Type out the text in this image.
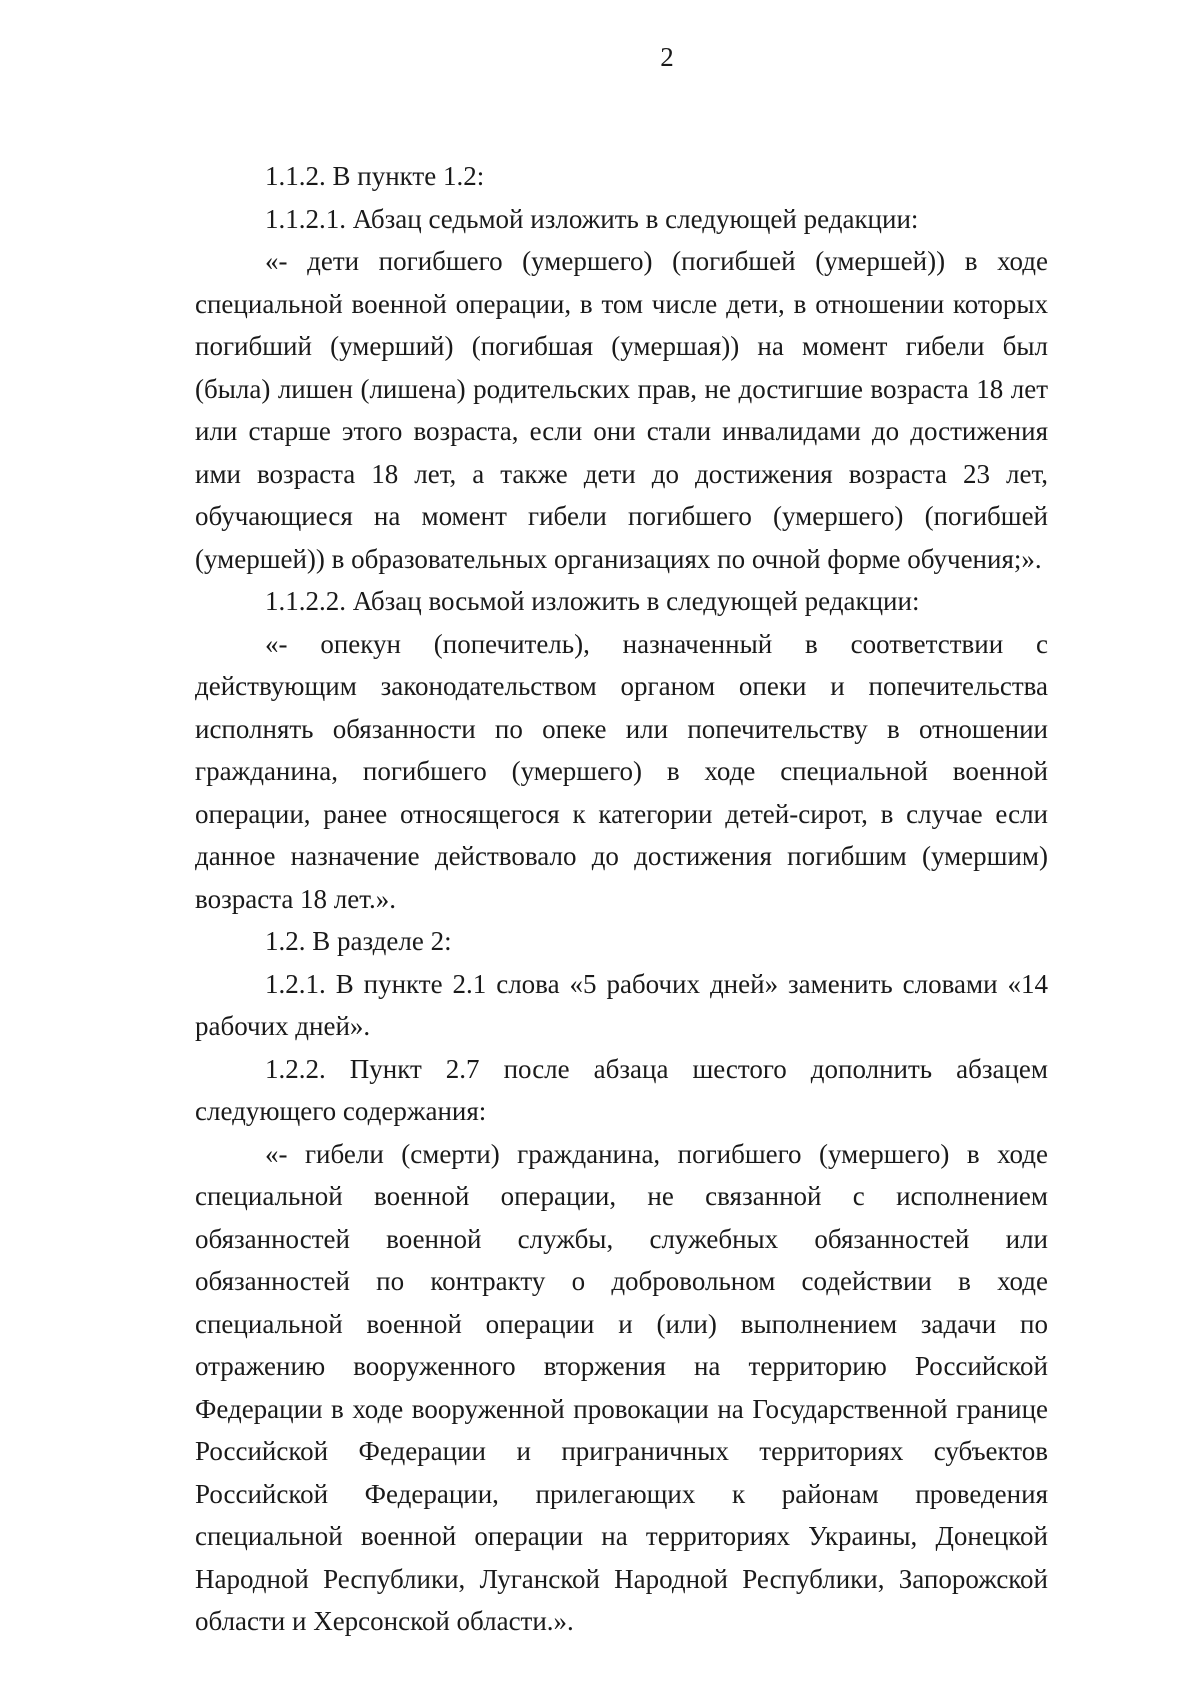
2

1.1.2. В пункте 1.2:

1.1.2.1. Абзац седьмой изложить в следующей редакции:

«- дети погибшего (умершего) (погибшей (умершей)) в ходе специальной военной операции, в том числе дети, в отношении которых погибший (умерший) (погибшая (умершая)) на момент гибели был (была) лишен (лишена) родительских прав, не достигшие возраста 18 лет или старше этого возраста, если они стали инвалидами до достижения ими возраста 18 лет, а также дети до достижения возраста 23 лет, обучающиеся на момент гибели погибшего (умершего) (погибшей (умершей)) в образовательных организациях по очной форме обучения;».

1.1.2.2. Абзац восьмой изложить в следующей редакции:

«- опекун (попечитель), назначенный в соответствии с действующим законодательством органом опеки и попечительства исполнять обязанности по опеке или попечительству в отношении гражданина, погибшего (умершего) в ходе специальной военной операции, ранее относящегося к категории детей-сирот, в случае если данное назначение действовало до достижения погибшим (умершим) возраста 18 лет.».

1.2. В разделе 2:

1.2.1. В пункте 2.1 слова «5 рабочих дней» заменить словами «14 рабочих дней».

1.2.2. Пункт 2.7 после абзаца шестого дополнить абзацем следующего содержания:

«- гибели (смерти) гражданина, погибшего (умершего) в ходе специальной военной операции, не связанной с исполнением обязанностей военной службы, служебных обязанностей или обязанностей по контракту о добровольном содействии в ходе специальной военной операции и (или) выполнением задачи по отражению вооруженного вторжения на территорию Российской Федерации в ходе вооруженной провокации на Государственной границе Российской Федерации и приграничных территориях субъектов Российской Федерации, прилегающих к районам проведения специальной военной операции на территориях Украины, Донецкой Народной Республики, Луганской Народной Республики, Запорожской области и Херсонской области.».
